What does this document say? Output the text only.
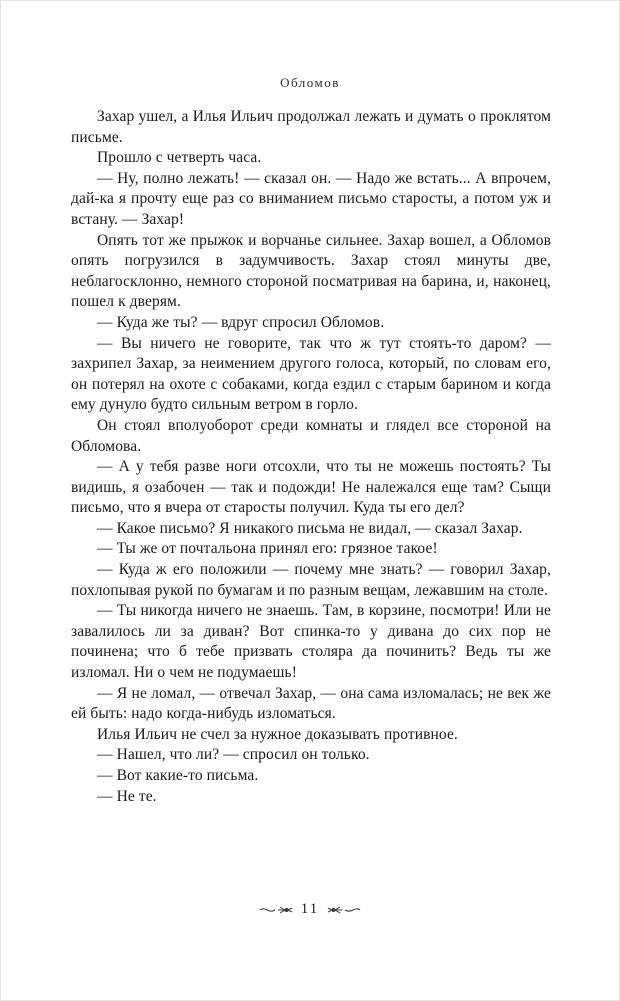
Обломов

Захар ушел, а Илья Ильич продолжал лежать и думать о проклятом письме.

Прошло с четверть часа.

— Ну, полно лежать! — сказал он. — Надо же встать... А впрочем, дай-ка я прочту еще раз со вниманием письмо старосты, а потом уж и встану. — Захар!

Опять тот же прыжок и ворчанье сильнее. Захар вошел, а Обломов опять погрузился в задумчивость. Захар стоял минуты две, неблагосклонно, немного стороной посматривая на барина, и, наконец, пошел к дверям.

— Куда же ты? — вдруг спросил Обломов.

— Вы ничего не говорите, так что ж тут стоять-то даром? — захрипел Захар, за неимением другого голоса, который, по словам его, он потерял на охоте с собаками, когда ездил с старым барином и когда ему дунуло будто сильным ветром в горло.

Он стоял вполуоборот среди комнаты и глядел все стороной на Обломова.

— А у тебя разве ноги отсохли, что ты не можешь постоять? Ты видишь, я озабочен — так и подожди! Не належался еще там? Сыщи письмо, что я вчера от старосты получил. Куда ты его дел?

— Какое письмо? Я никакого письма не видал, — сказал Захар.

— Ты же от почтальона принял его: грязное такое!

— Куда ж его положили — почему мне знать? — говорил Захар, похлопывая рукой по бумагам и по разным вещам, лежавшим на столе.

— Ты никогда ничего не знаешь. Там, в корзине, посмотри! Или не завалилось ли за диван? Вот спинка-то у дивана до сих пор не починена; что б тебе призвать столяра да починить? Ведь ты же изломал. Ни о чем не подумаешь!

— Я не ломал, — отвечал Захар, — она сама изломалась; не век же ей быть: надо когда-нибудь изломаться.

Илья Ильич не счел за нужное доказывать противное.

— Нашел, что ли? — спросил он только.

— Вот какие-то письма.

— Не те.

11
